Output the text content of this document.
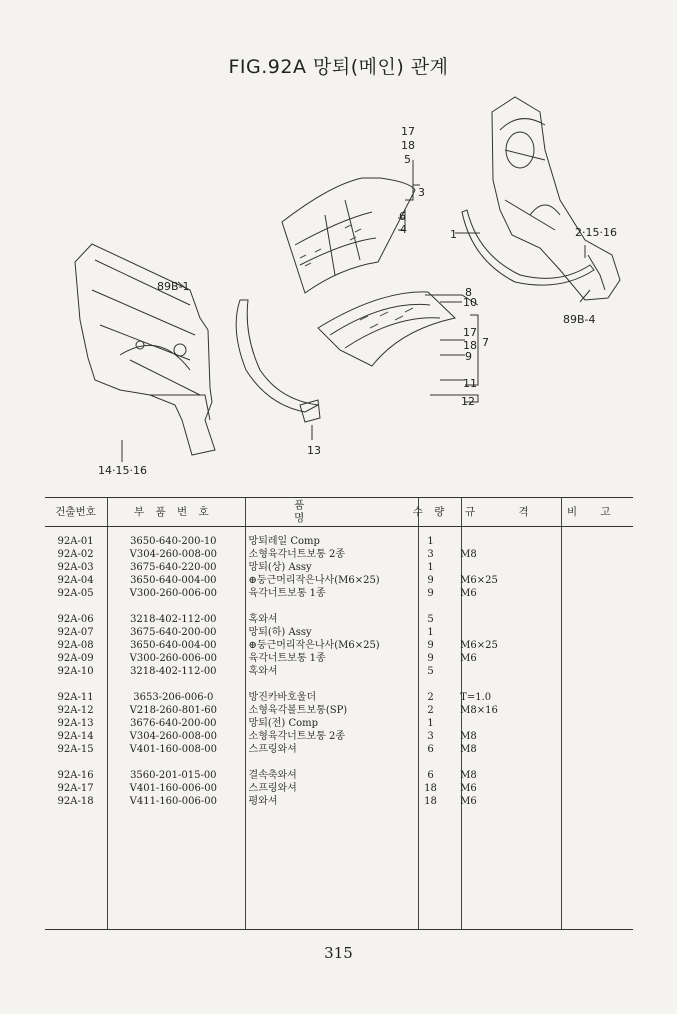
FIG.92A 망퇴(메인) 관계
17
18
5
3
6
4	1	2·15·16
89B-1
89B-4
8
10
17
18 7
9
11
12
13
14·15·16
건출번호	부 품 번 호	품 명	수 량	규 격	비 고

92A-01	3650-640-200-10	망퇴레일 Comp	1		
92A-02	V304-260-008-00	소형육각너트보통 2종	3	M8	
92A-03	3675-640-220-00	망퇴(상) Assy	1		
92A-04	3650-640-004-00	⊕둥근머리작은나사(M6×25)	9	M6×25	
92A-05	V300-260-006-00	육각너트보통 1종	9	M6	

92A-06	3218-402-112-00	혹와셔	5		
92A-07	3675-640-200-00	망퇴(하) Assy	1		
92A-08	3650-640-004-00	⊕둥근머리작은나사(M6×25)	9	M6×25	
92A-09	V300-260-006-00	육각너트보통 1종	9	M6	
92A-10	3218-402-112-00	혹와셔	5		

92A-11	3653-206-006-0	방진카바호울더	2	T=1.0	
92A-12	V218-260-801-60	소형육각볼트보통(SP)	2	M8×16	
92A-13	3676-640-200-00	망퇴(전) Comp	1		
92A-14	V304-260-008-00	소형육각너트보통 2종	3	M8	
92A-15	V401-160-008-00	스프링와셔	6	M8	

92A-16	3560-201-015-00	결속축와셔	6	M8	
92A-17	V401-160-006-00	스프링와셔	18	M6	
92A-18	V411-160-006-00	평와셔	18	M6	
315
